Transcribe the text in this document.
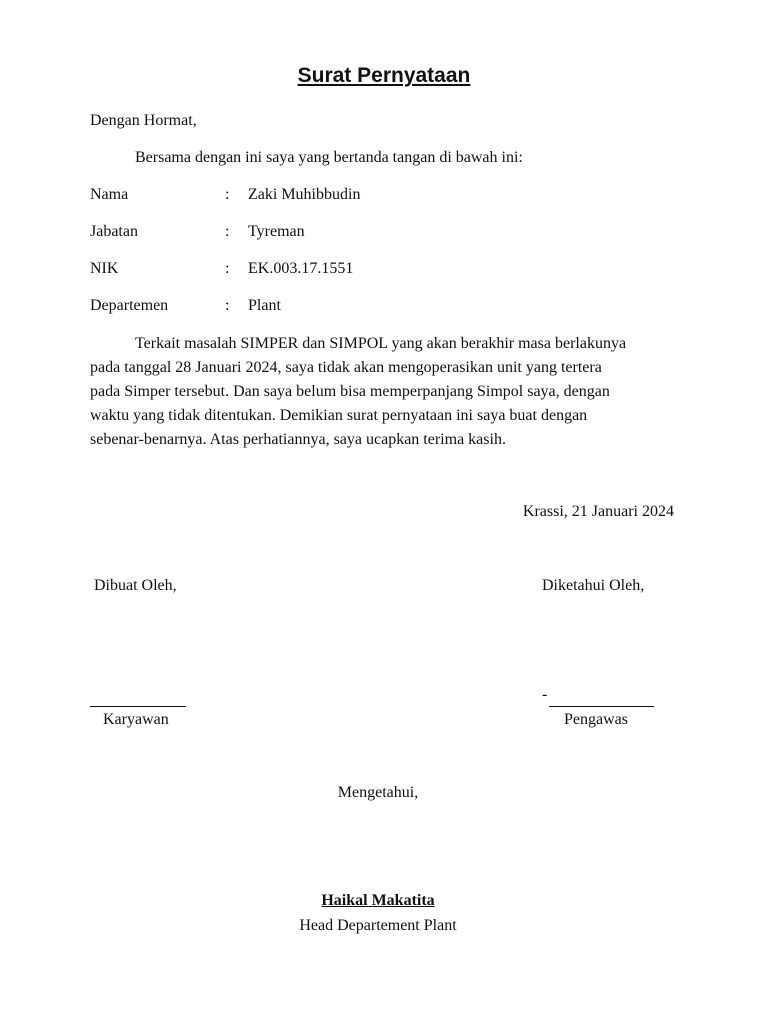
Surat Pernyataan
Dengan Hormat,
Bersama dengan ini saya yang bertanda tangan di bawah ini:
Nama	: Zaki Muhibbudin
Jabatan	: Tyreman
NIK	: EK.003.17.1551
Departemen	: Plant
Terkait masalah SIMPER dan SIMPOL yang akan berakhir masa berlakunya
pada tanggal 28 Januari 2024, saya tidak akan mengoperasikan unit yang tertera
pada Simper tersebut. Dan saya belum bisa memperpanjang Simpol saya, dengan
waktu yang tidak ditentukan. Demikian surat pernyataan ini saya buat dengan
sebenar-benarnya. Atas perhatiannya, saya ucapkan terima kasih.
Krassi, 21 Januari 2024
Dibuat Oleh,	Diketahui Oleh,
-
Karyawan	Pengawas
Mengetahui,
Haikal Makatita
Head Departement Plant
